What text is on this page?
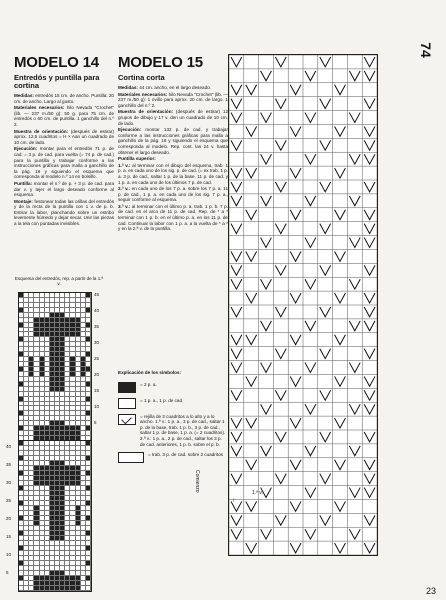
74
MODELO 14
Entredós y puntilla para cortina

Medidas: entredós 15 cm. de ancho. Puntilla: 20 cm. de ancho. Largo al gusto.

Materiales necesarios: hilo Nevada "Crochet" (lib. — 237 m./50 g): 50 g. para 75 cm. de entredós o 60 cm. de puntilla. 1 ganchillo del n.º 2.

Muestra de orientación: (después de estirar) aprox. 12,5 cuadritos = H × Aan un cuadrado de 10 cm. de lado.

Ejecución: montar para el entredós 71 p. de cad. = 3 p. de cad. para vuelta (= 74 p. de cad.) para la puntilla y trabajar conforme a las instrucciones gráficas para malla a ganchillo de la pág. 16 y siguiendo el esquema que corresponda al modelo n.º 14 en bolsillo.

Puntilla: montar el n.º de p. + 3 p. de cad. para dar v. y tejer el largo deseado conforme al esquema.

Montaje: festonear todas las orillas del entredós y de la recta de la puntilla con 1 v. de p. b. Estirar la labor, planchando sobre un estribo levemente húmedo y dejar secar. Unir las piezas a la tela con puntadas invisibles.

Esquema del entredós, rep. a partir de la 1.ª v.
45
40
35
30
25
20
15
10
5
40
35
30
25
20
15
10
5
MODELO 15
Cortina corta

Medidas: 44 cm. ancho, en el largo deseado.

Materiales necesarios: hilo Nevada "Crochet" (lib. — 237 m./50 g): 1 ovillo para aprox. 20 cm. de largo. 1 ganchillo del n.º 2.

Muestra de orientación: (después de estirar) 12 grupos de dibujo y 17 v. den un cuadrado de 10 cm. de lado.

Ejecución: montar 132 p. de cad. y trabajar conforme a las instrucciones gráficas para malla a ganchillo de la pág. 16 y siguiendo el esquema que corresponda al modelo. Rep. cont. las 24 v. hasta obtener el largo deseado.

Puntilla superior:

1.ª v.: al terminar con el dibujo del esquema, trab. 1 p. a. en cada uno de los sig. p. de cad. (= ex trab. 1 p. a. 3 p. de cad., saltar 1 p. de la base. 11 p. de cad. y 1 p. a. en cada uno de los últimos 7 p. de cad.

2.ª v.: en cada uno de los 7 p. a. sobre los 7 p. a. 11 p. de cad., 1 p. a. en cada uno de los sig. 7 p. a., seguir conforme al esquema.

3.ª v.: al terminar con el último p. a. trab. 1 p. b. 7 p. de cad. en el arco de 11 p. de cad. Rep. de * a * terminar con 1 p. b. en el último p. a. en los 11 p. de cad. Continuar la labor con 1 p. a. a la vuelta de * a * y en la 2.ª v. de la puntilla.

Explicación de los símbolos:
= 2 p. a.
= 1 p. a., 1 p. de cad.
= rejilla de 2 cuadritos a lo alto y a lo ancho. 1.ª v.: 1 p. a., 3 p. de cad., saltar 1 p. de la base, trab. 1 p. b., 3 p. de cad., saltar 1 p. de base, 1 p. a. (= 2 cuadritos). 2.ª v.: 1 p. a., 2 p. de cad., saltar los 3 p. de cad. anteriores, 1 p. b. sobre el p. b.
= trab. 3 p. de cad. sobre 2 cuadritos
Comienzo
1.ª v.
↑
23
